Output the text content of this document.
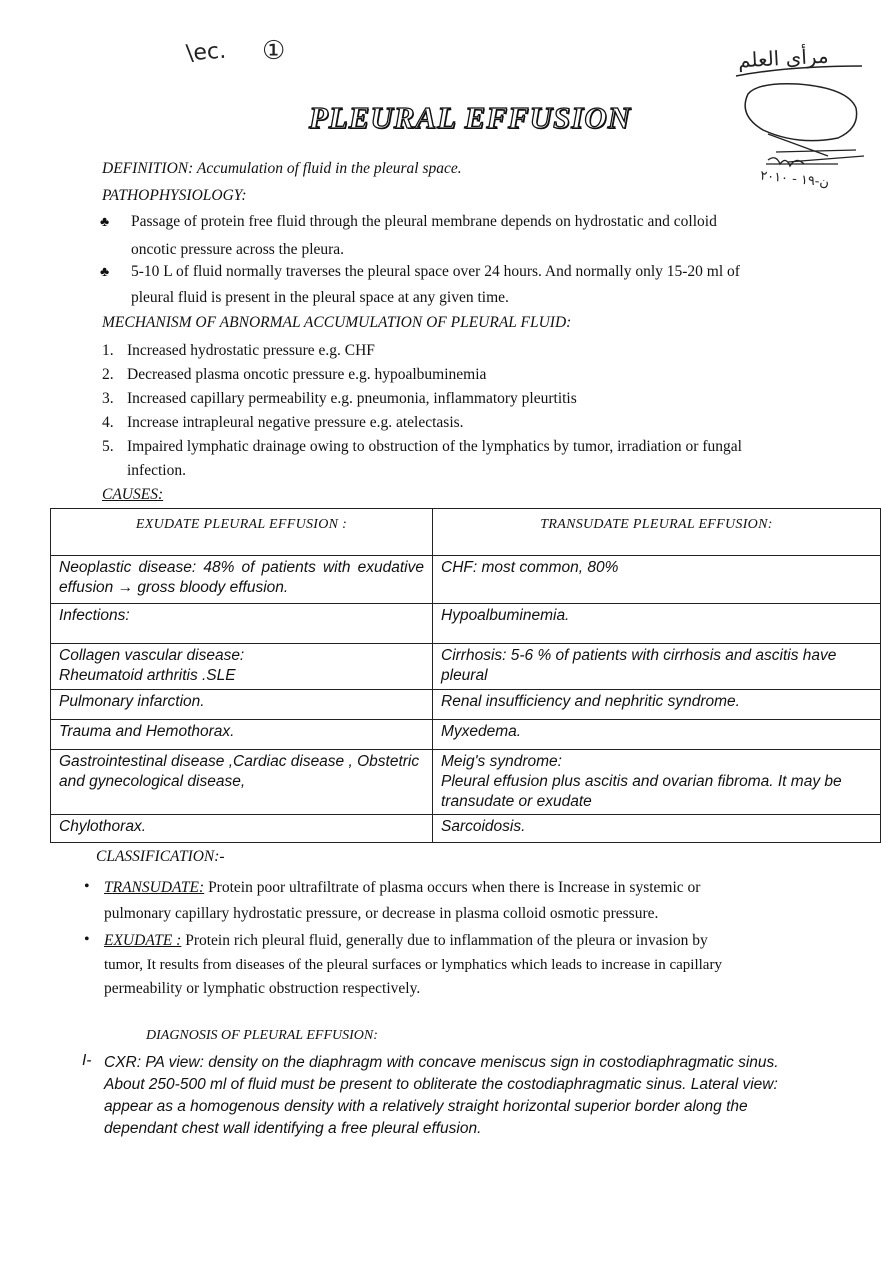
\ec. ①	مرأى العلم
ن-١٩ - ٢٠١٠
PLEURAL EFFUSION
DEFINITION: Accumulation of fluid in the pleural space.
PATHOPHYSIOLOGY:
♣ Passage of protein free fluid through the pleural membrane depends on hydrostatic and colloid
oncotic pressure across the pleura.
♣ 5-10 L of fluid normally traverses the pleural space over 24 hours. And normally only 15-20 ml of
pleural fluid is present in the pleural space at any given time.
MECHANISM OF ABNORMAL ACCUMULATION OF PLEURAL FLUID:
1. Increased hydrostatic pressure e.g. CHF
2. Decreased plasma oncotic pressure e.g. hypoalbuminemia
3. Increased capillary permeability e.g. pneumonia, inflammatory pleurtitis
4. Increase intrapleural negative pressure e.g. atelectasis.
5. Impaired lymphatic drainage owing to obstruction of the lymphatics by tumor, irradiation or fungal
infection.
CAUSES:
EXUDATE PLEURAL EFFUSION :	TRANSUDATE PLEURAL EFFUSION:
Neoplastic disease: 48% of patients with exudative effusion → gross bloody effusion.	CHF: most common, 80%
Infections:	Hypoalbuminemia.
Collagen vascular disease:
Rheumatoid arthritis .SLE	Cirrhosis: 5-6 % of patients with cirrhosis and ascitis have pleural
Pulmonary infarction.	Renal insufficiency and nephritic syndrome.
Trauma and Hemothorax.	Myxedema.
Gastrointestinal disease ,Cardiac disease , Obstetric and gynecological disease,	Meig's syndrome:
Pleural effusion plus ascitis and ovarian fibroma. It may be transudate or exudate
Chylothorax.	Sarcoidosis.
CLASSIFICATION:-
• TRANSUDATE: Protein poor ultrafiltrate of plasma occurs when there is Increase in systemic or
pulmonary capillary hydrostatic pressure, or decrease in plasma colloid osmotic pressure.
• EXUDATE : Protein rich pleural fluid, generally due to inflammation of the pleura or invasion by
tumor, It results from diseases of the pleural surfaces or lymphatics which leads to increase in capillary
permeability or lymphatic obstruction respectively.
DIAGNOSIS OF PLEURAL EFFUSION:
I- CXR: PA view: density on the diaphragm with concave meniscus sign in costodiaphragmatic sinus.
About 250-500 ml of fluid must be present to obliterate the costodiaphragmatic sinus. Lateral view:
appear as a homogenous density with a relatively straight horizontal superior border along the
dependant chest wall identifying a free pleural effusion.
